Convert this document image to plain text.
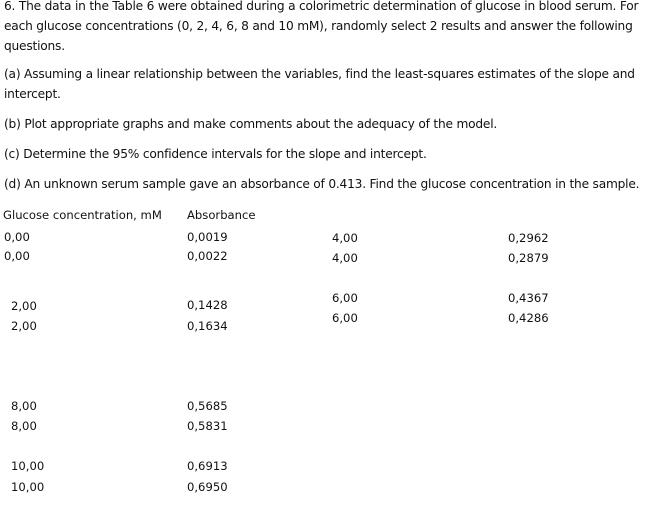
6. The data in the Table 6 were obtained during a colorimetric determination of glucose in blood serum. For each glucose concentrations (0, 2, 4, 6, 8 and 10 mM), randomly select 2 results and answer the following questions.

(a) Assuming a linear relationship between the variables, find the least-squares estimates of the slope and intercept.

(b) Plot appropriate graphs and make comments about the adequacy of the model.

(c) Determine the 95% confidence intervals for the slope and intercept.

(d) An unknown serum sample gave an absorbance of 0.413. Find the glucose concentration in the sample.

Glucose concentration, mM Absorbance
0,00	0,0019
0,00	0,0022
2,00	0,1428
2,00	0,1634
8,00	0,5685
8,00	0,5831
10,00	0,6913
10,00	0,6950
4,00	0,2962
4,00	0,2879
6,00	0,4367
6,00	0,4286
